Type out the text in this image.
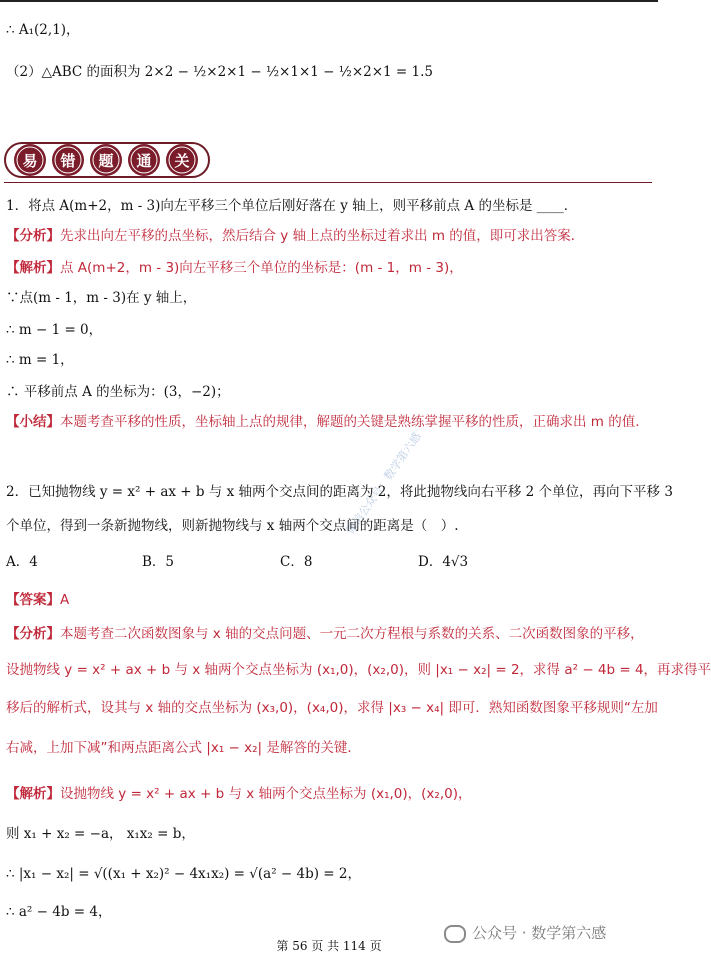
∴ A₁(2,1)，
（2）△ABC 的面积为 2×2 − ½×2×1 − ½×1×1 − ½×2×1 = 1.5
易 错 题 通 关
1．将点 A(m+2，m - 3)向左平移三个单位后刚好落在 y 轴上，则平移前点 A 的坐标是 ____．
【分析】先求出向左平移的点坐标，然后结合 y 轴上点的坐标过着求出 m 的值，即可求出答案．
【解析】点 A(m+2，m - 3)向左平移三个单位的坐标是：(m - 1，m - 3)，
∵点(m - 1，m - 3)在 y 轴上，
∴ m − 1 = 0，
∴ m = 1，
∴ 平移前点 A 的坐标为：(3，−2)；
【小结】本题考查平移的性质，坐标轴上点的规律，解题的关键是熟练掌握平移的性质，正确求出 m 的值.
微信公众号：数学第六感
2．已知抛物线 y = x² + ax + b 与 x 轴两个交点间的距离为 2，将此抛物线向右平移 2 个单位，再向下平移 3
个单位，得到一条新抛物线，则新抛物线与 x 轴两个交点间的距离是（　）.
A．4	B．5	C．8	D．4√3
【答案】A
【分析】本题考查二次函数图象与 x 轴的交点问题、一元二次方程根与系数的关系、二次函数图象的平移，
设抛物线 y = x² + ax + b 与 x 轴两个交点坐标为 (x₁,0)，(x₂,0)，则 |x₁ − x₂| = 2，求得 a² − 4b = 4，再求得平
移后的解析式，设其与 x 轴的交点坐标为 (x₃,0)，(x₄,0)，求得 |x₃ − x₄| 即可．熟知函数图象平移规则“左加
右减，上加下减”和两点距离公式 |x₁ − x₂| 是解答的关键．
【解析】设抛物线 y = x² + ax + b 与 x 轴两个交点坐标为 (x₁,0)，(x₂,0)，
则 x₁ + x₂ = −a， x₁x₂ = b，
∴ |x₁ − x₂| = √((x₁ + x₂)² − 4x₁x₂) = √(a² − 4b) = 2，
∴ a² − 4b = 4，
公众号 · 数学第六感
第 56 页 共 114 页
